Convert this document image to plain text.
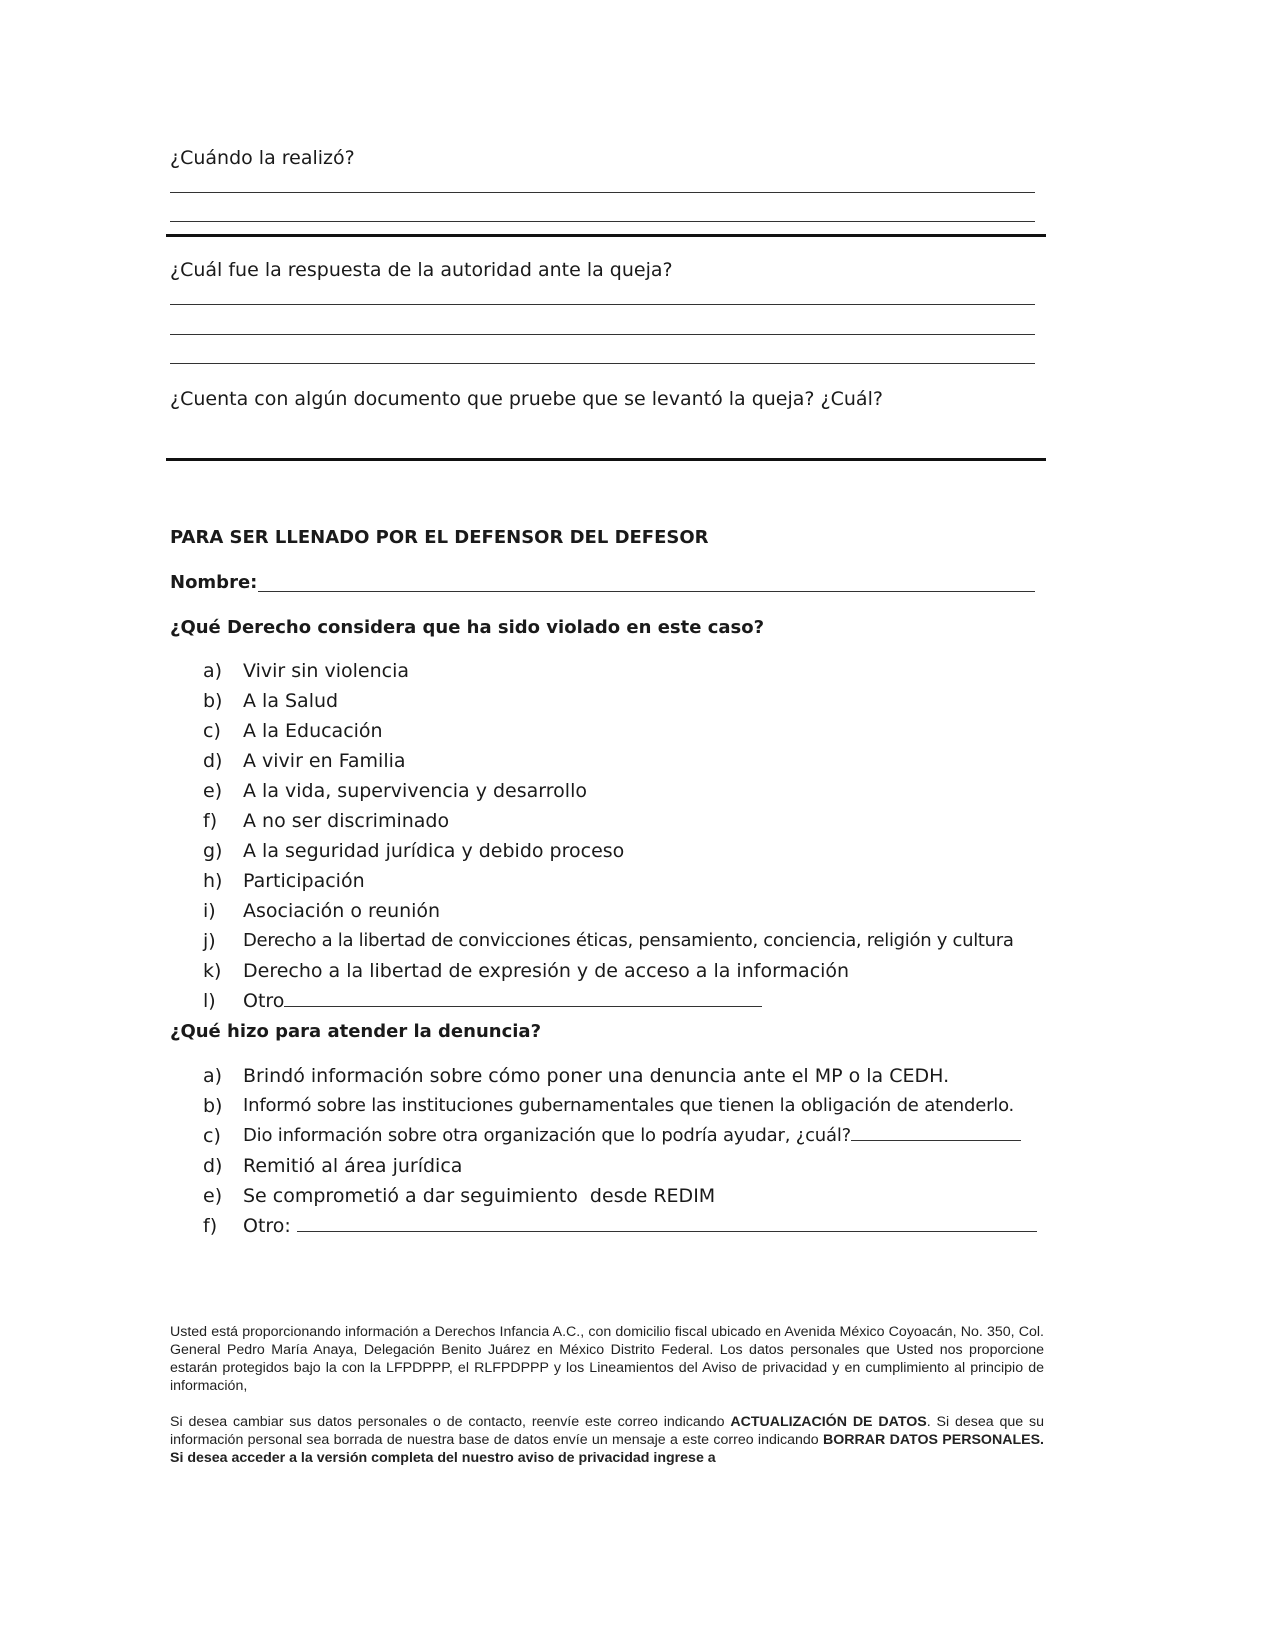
¿Cuándo la realizó?
¿Cuál fue la respuesta de la autoridad ante la queja?
¿Cuenta con algún documento que pruebe que se levantó la queja? ¿Cuál?
PARA SER LLENADO POR EL DEFENSOR DEL DEFESOR
Nombre:
¿Qué Derecho considera que ha sido violado en este caso?
a)	Vivir sin violencia
b)	A la Salud
c)	A la Educación
d)	A vivir en Familia
e)	A la vida, supervivencia y desarrollo
f)	A no ser discriminado
g)	A la seguridad jurídica y debido proceso
h)	Participación
i)	Asociación o reunión
j)	Derecho a la libertad de convicciones éticas, pensamiento, conciencia, religión y cultura
k)	Derecho a la libertad de expresión y de acceso a la información
l)	Otro
¿Qué hizo para atender la denuncia?
a)	Brindó información sobre cómo poner una denuncia ante el MP o la CEDH.
b)	Informó sobre las instituciones gubernamentales que tienen la obligación de atenderlo.
c)	Dio información sobre otra organización que lo podría ayudar, ¿cuál?
d)	Remitió al área jurídica
e)	Se comprometió a dar seguimiento  desde REDIM
f)	Otro:

Usted está proporcionando información a Derechos Infancia A.C., con domicilio fiscal ubicado en Avenida México Coyoacán, No. 350, Col. General Pedro María Anaya, Delegación Benito Juárez en México Distrito Federal. Los datos personales que Usted nos proporcione estarán protegidos bajo la con la LFPDPPP, el RLFPDPPP y los Lineamientos del Aviso de privacidad y en cumplimiento al principio de información,

Si desea cambiar sus datos personales o de contacto, reenvíe este correo indicando ACTUALIZACIÓN DE DATOS. Si desea que su información personal sea borrada de nuestra base de datos envíe un mensaje a este correo indicando BORRAR DATOS PERSONALES. Si desea acceder a la versión completa del nuestro aviso de privacidad ingrese a
